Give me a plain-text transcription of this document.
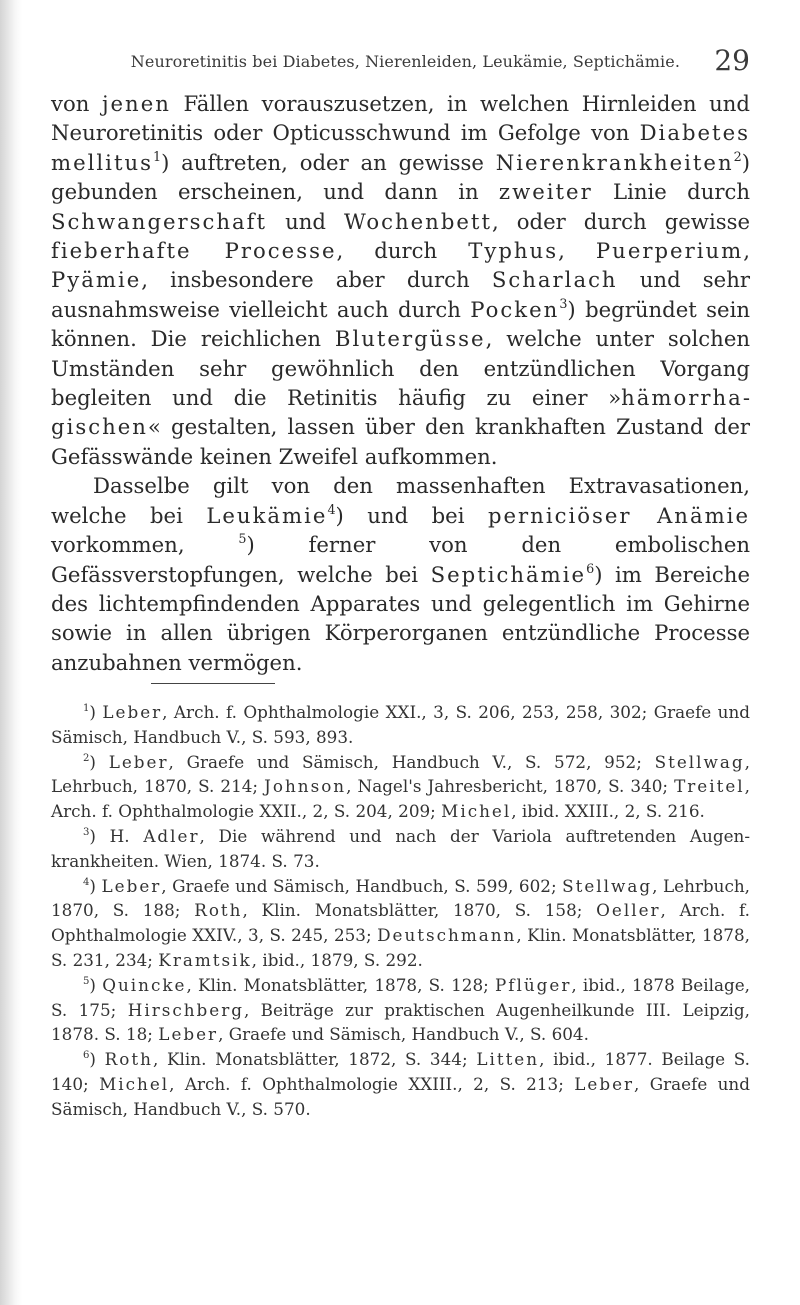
Neuroretinitis bei Diabetes, Nierenleiden, Leukämie, Septichämie. 29

von jenen Fällen vorauszusetzen, in welchen Hirnleiden und Neuroretinitis oder Opticusschwund im Gefolge von Diabetes mellitus$^1$) auftreten, oder an gewisse Nierenkrankheiten$^2$) gebunden erscheinen, und dann in zweiter Linie durch Schwangerschaft und Wochenbett, oder durch gewisse fieberhafte Processe, durch Typhus, Puerperium, Pyämie, insbesondere aber durch Scharlach und sehr ausnahmsweise vielleicht auch durch Pocken$^3$) begründet sein können. Die reichlichen Blutergüsse, welche unter solchen Umständen sehr gewöhnlich den entzündlichen Vorgang begleiten und die Retinitis häufig zu einer »hämorrhagischen« gestalten, lassen über den krankhaften Zustand der Gefässwände keinen Zweifel aufkommen.

Dasselbe gilt von den massenhaften Extravasationen, welche bei Leukämie$^4$) und bei perniciöser Anämie vorkommen, $^5$) ferner von den embolischen Gefässverstopfungen, welche bei Septichämie$^6$) im Bereiche des lichtempfindenden Apparates und gelegentlich im Gehirne sowie in allen übrigen Körperorganen entzündliche Processe anzubahnen vermögen.

$^1$) Leber, Arch. f. Ophthalmologie XXI., 3, S. 206, 253, 258, 302; Graefe und Sämisch, Handbuch V., S. 593, 893.

$^2$) Leber, Graefe und Sämisch, Handbuch V., S. 572, 952; Stellwag, Lehrbuch, 1870, S. 214; Johnson, Nagel's Jahresbericht, 1870, S. 340; Treitel, Arch. f. Ophthalmologie XXII., 2, S. 204, 209; Michel, ibid. XXIII., 2, S. 216.

$^3$) H. Adler, Die während und nach der Variola auftretenden Augenkrankheiten. Wien, 1874. S. 73.

$^4$) Leber, Graefe und Sämisch, Handbuch, S. 599, 602; Stellwag, Lehrbuch, 1870, S. 188; Roth, Klin. Monatsblätter, 1870, S. 158; Oeller, Arch. f. Ophthalmologie XXIV., 3, S. 245, 253; Deutschmann, Klin. Monatsblätter, 1878, S. 231, 234; Kramtsik, ibid., 1879, S. 292.

$^5$) Quincke, Klin. Monatsblätter, 1878, S. 128; Pflüger, ibid., 1878 Beilage, S. 175; Hirschberg, Beiträge zur praktischen Augenheilkunde III. Leipzig, 1878. S. 18; Leber, Graefe und Sämisch, Handbuch V., S. 604.

$^6$) Roth, Klin. Monatsblätter, 1872, S. 344; Litten, ibid., 1877. Beilage S. 140; Michel, Arch. f. Ophthalmologie XXIII., 2, S. 213; Leber, Graefe und Sämisch, Handbuch V., S. 570.
